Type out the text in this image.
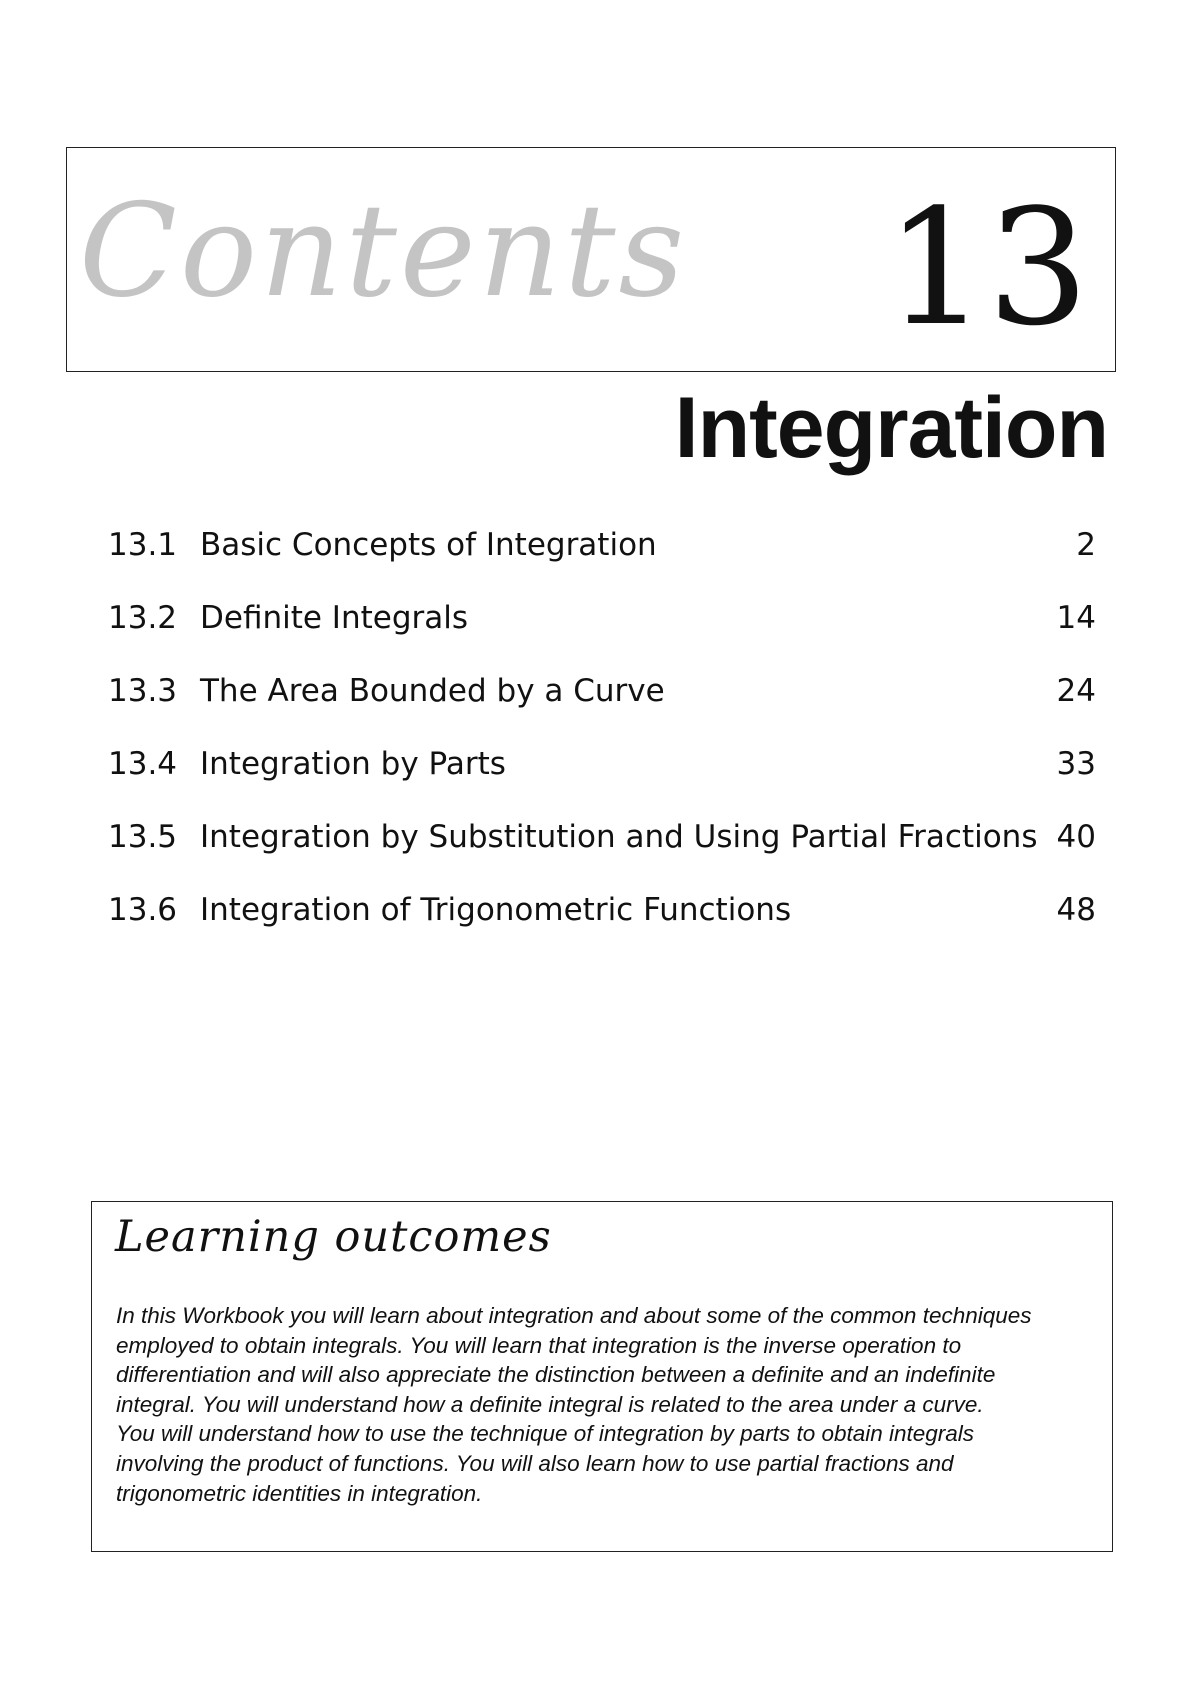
Contents 13
Integration
13.1 Basic Concepts of Integration	2
13.2 Definite Integrals	14
13.3 The Area Bounded by a Curve	24
13.4 Integration by Parts	33
13.5 Integration by Substitution and Using Partial Fractions 40
13.6 Integration of Trigonometric Functions	48
Learning outcomes
In this Workbook you will learn about integration and about some of the common techniques
employed to obtain integrals. You will learn that integration is the inverse operation to
differentiation and will also appreciate the distinction between a definite and an indefinite
integral. You will understand how a definite integral is related to the area under a curve.
You will understand how to use the technique of integration by parts to obtain integrals
involving the product of functions. You will also learn how to use partial fractions and
trigonometric identities in integration.
